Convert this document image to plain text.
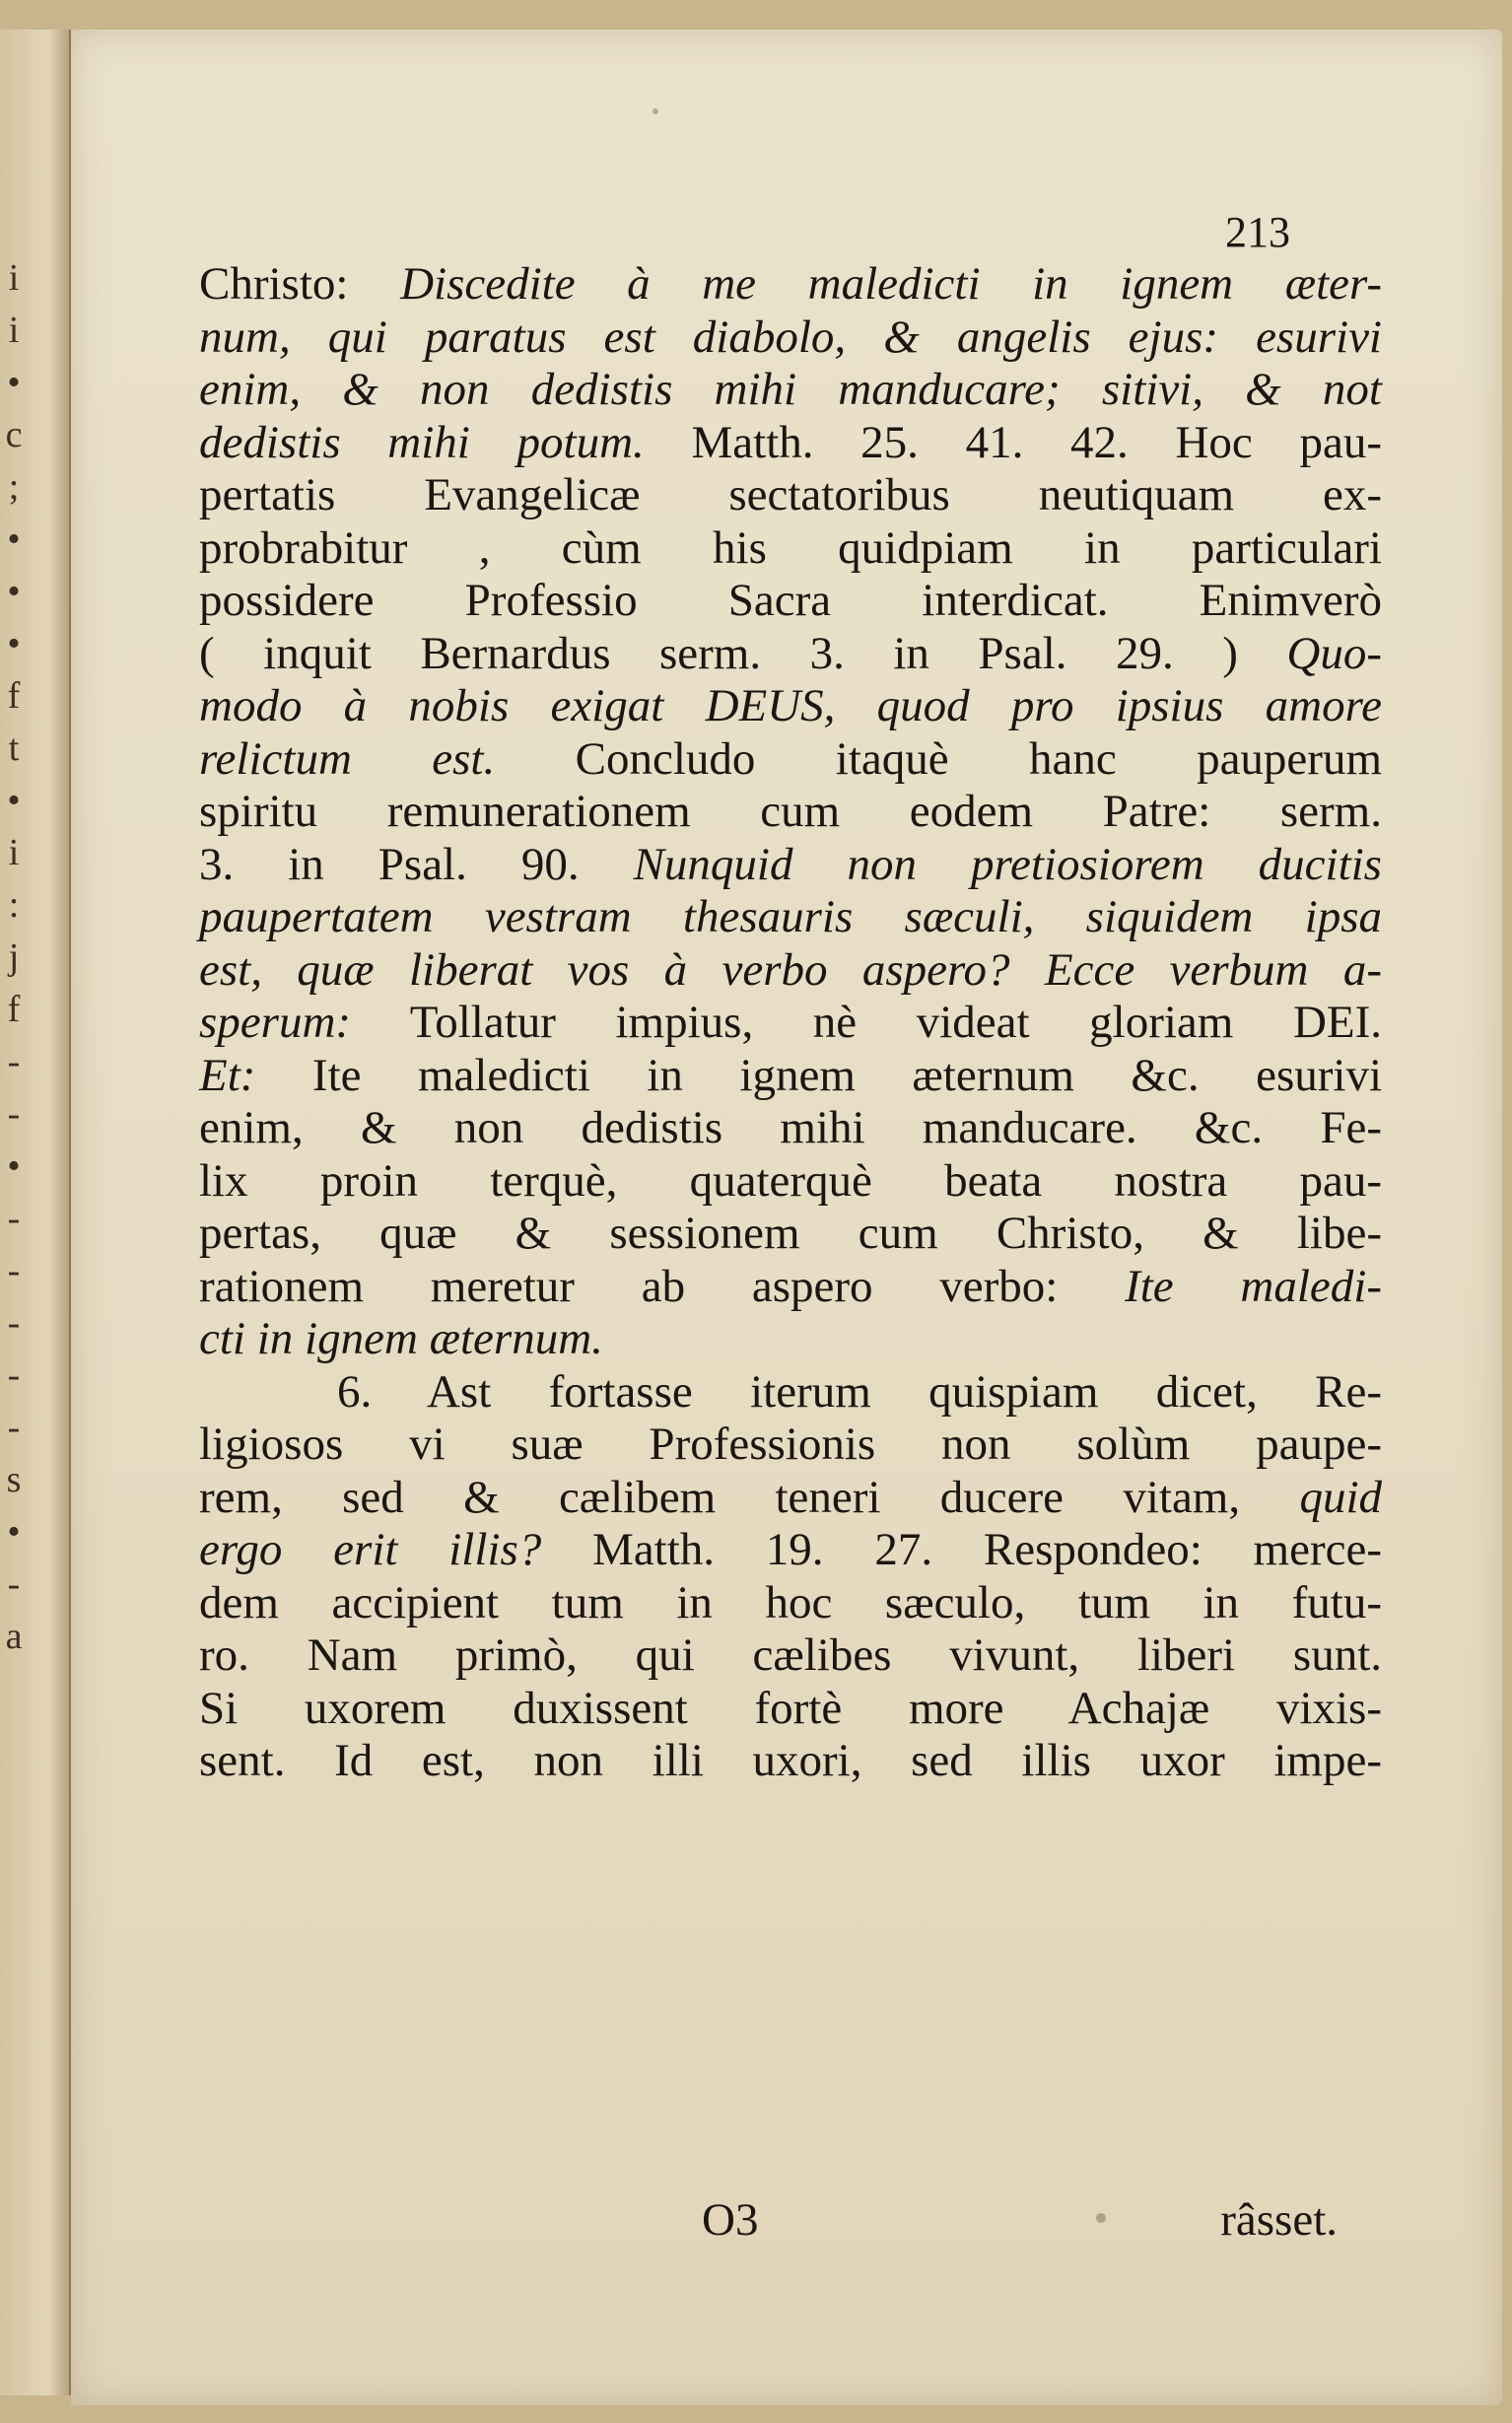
i
i
•
c
;
•
•
•
f
t
•
i
:
j
f
-
-
•
-
-
-
-
-
s
•
-
a
213
Christo: Discedite à me maledicti in ignem æter-
num, qui paratus est diabolo, & angelis ejus: esurivi
enim, & non dedistis mihi manducare; sitivi, & not
dedistis mihi potum. Matth. 25. 41. 42. Hoc pau-
pertatis Evangelicæ sectatoribus neutiquam ex-
probrabitur , cùm his quidpiam in particulari
possidere Professio Sacra interdicat. Enimverò
( inquit Bernardus serm. 3. in Psal. 29. ) Quo-
modo à nobis exigat DEUS, quod pro ipsius amore
relictum est. Concludo itaquè hanc pauperum
spiritu remunerationem cum eodem Patre: serm.
3. in Psal. 90. Nunquid non pretiosiorem ducitis
paupertatem vestram thesauris sæculi, siquidem ipsa
est, quæ liberat vos à verbo aspero? Ecce verbum a-
sperum: Tollatur impius, nè videat gloriam DEI.
Et: Ite maledicti in ignem æternum &c. esurivi
enim, & non dedistis mihi manducare. &c. Fe-
lix proin terquè, quaterquè beata nostra pau-
pertas, quæ & sessionem cum Christo, & libe-
rationem meretur ab aspero verbo: Ite maledi-
cti in ignem æternum.
6. Ast fortasse iterum quispiam dicet, Re-
ligiosos vi suæ Professionis non solùm paupe-
rem, sed & cælibem teneri ducere vitam, quid
ergo erit illis? Matth. 19. 27. Respondeo: merce-
dem accipient tum in hoc sæculo, tum in futu-
ro. Nam primò, qui cælibes vivunt, liberi sunt.
Si uxorem duxissent fortè more Achajæ vixis-
sent. Id est, non illi uxori, sed illis uxor impe-
O3	râsset.
